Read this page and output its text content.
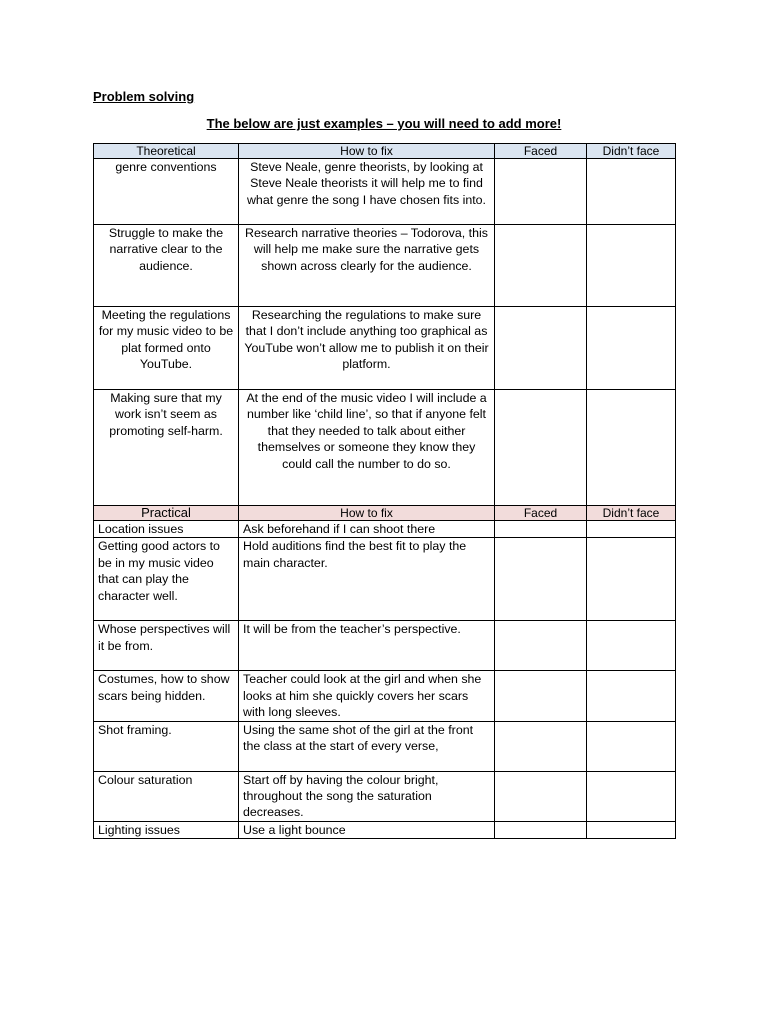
Problem solving
The below are just examples – you will need to add more!
Theoretical	How to fix	Faced	Didn’t face
genre conventions	Steve Neale, genre theorists, by looking at Steve Neale theorists it will help me to find what genre the song I have chosen fits into.		
Struggle to make the narrative clear to the audience.	Research narrative theories – Todorova, this will help me make sure the narrative gets shown across clearly for the audience.		
Meeting the regulations for my music video to be plat formed onto YouTube.	Researching the regulations to make sure that I don’t include anything too graphical as YouTube won’t allow me to publish it on their platform.		
Making sure that my work isn’t seem as promoting self-harm.	At the end of the music video I will include a number like ‘child line’, so that if anyone felt that they needed to talk about either themselves or someone they know they could call the number to do so.		
Practical	How to fix	Faced	Didn’t face
Location issues	Ask beforehand if I can shoot there		
Getting good actors to be in my music video that can play the character well.	Hold auditions find the best fit to play the main character.		
Whose perspectives will it be from.	It will be from the teacher’s perspective.		
Costumes, how to show scars being hidden.	Teacher could look at the girl and when she looks at him she quickly covers her scars with long sleeves.		
Shot framing.	Using the same shot of the girl at the front the class at the start of every verse,		
Colour saturation	Start off by having the colour bright, throughout the song the saturation decreases.		
Lighting issues	Use a light bounce		
